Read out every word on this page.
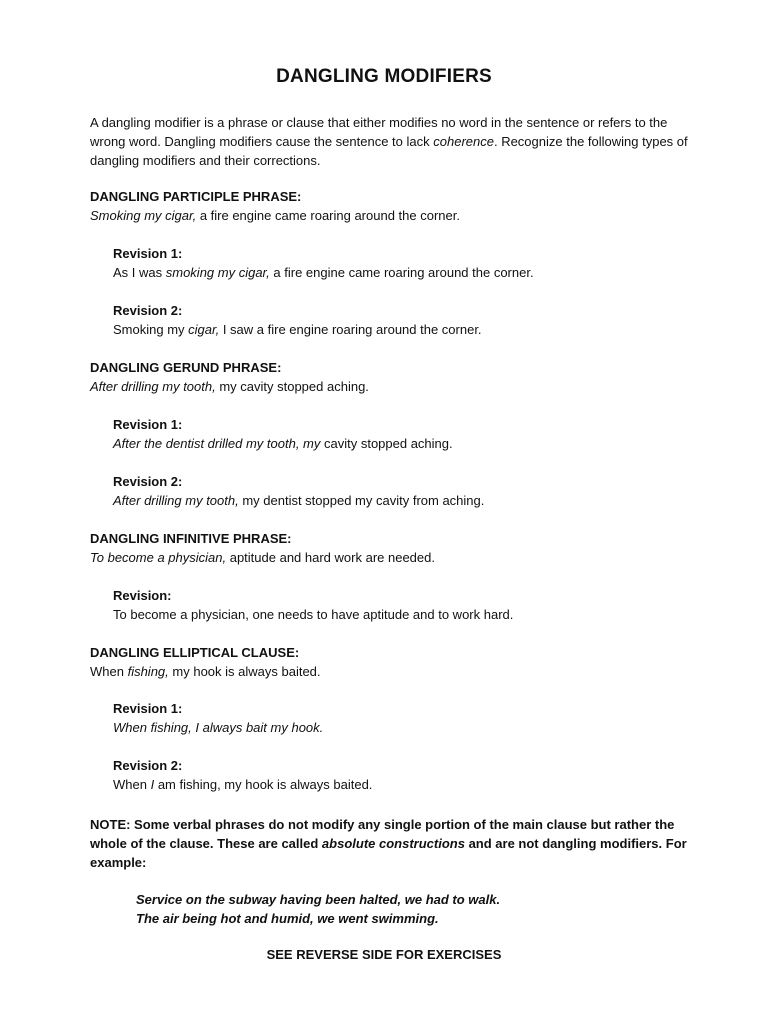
DANGLING MODIFIERS
A dangling modifier is a phrase or clause that either modifies no word in the sentence or refers to the wrong word. Dangling modifiers cause the sentence to lack coherence. Recognize the following types of dangling modifiers and their corrections.
DANGLING PARTICIPLE PHRASE:
Smoking my cigar, a fire engine came roaring around the corner.
Revision 1:
As I was smoking my cigar, a fire engine came roaring around the corner.
Revision 2:
Smoking my cigar, I saw a fire engine roaring around the corner.
DANGLING GERUND PHRASE:
After drilling my tooth, my cavity stopped aching.
Revision 1:
After the dentist drilled my tooth, my cavity stopped aching.
Revision 2:
After drilling my tooth, my dentist stopped my cavity from aching.
DANGLING INFINITIVE PHRASE:
To become a physician, aptitude and hard work are needed.
Revision:
To become a physician, one needs to have aptitude and to work hard.
DANGLING ELLIPTICAL CLAUSE:
When fishing, my hook is always baited.
Revision 1:
When fishing, I always bait my hook.
Revision 2:
When I am fishing, my hook is always baited.
NOTE: Some verbal phrases do not modify any single portion of the main clause but rather the whole of the clause. These are called absolute constructions and are not dangling modifiers. For example:
Service on the subway having been halted, we had to walk.
The air being hot and humid, we went swimming.
SEE REVERSE SIDE FOR EXERCISES
